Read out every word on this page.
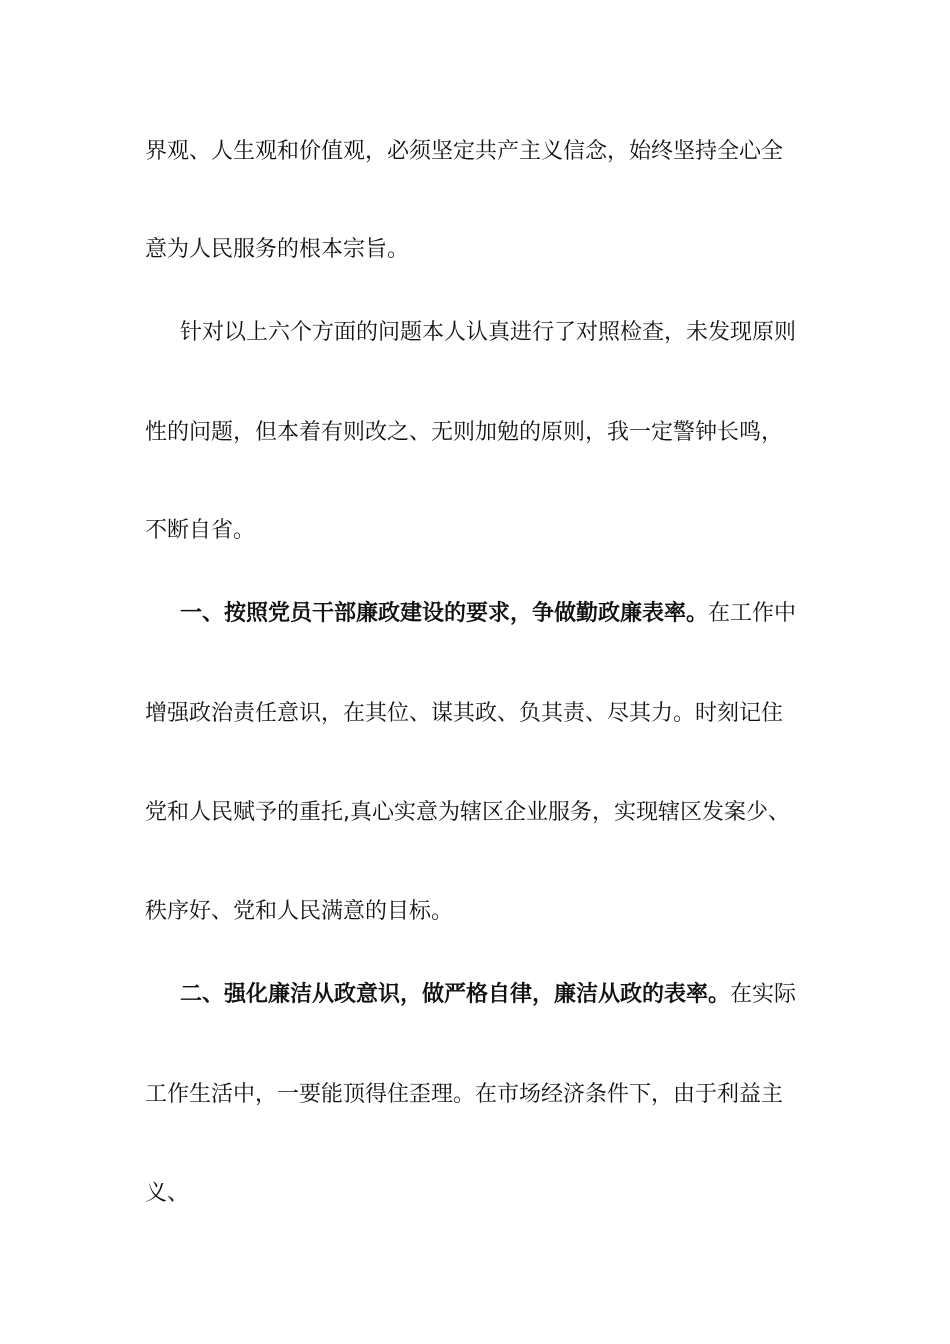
界观、人生观和价值观，必须坚定共产主义信念，始终坚持全心全
意为人民服务的根本宗旨。
针对以上六个方面的问题本人认真进行了对照检查，未发现原则
性的问题，但本着有则改之、无则加勉的原则，我一定警钟长鸣，
不断自省。
一、按照党员干部廉政建设的要求，争做勤政廉表率。在工作中
增强政治责任意识，在其位、谋其政、负其责、尽其力。时刻记住
党和人民赋予的重托,真心实意为辖区企业服务，实现辖区发案少、
秩序好、党和人民满意的目标。
二、强化廉洁从政意识，做严格自律，廉洁从政的表率。在实际
工作生活中，一要能顶得住歪理。在市场经济条件下，由于利益主
义、
